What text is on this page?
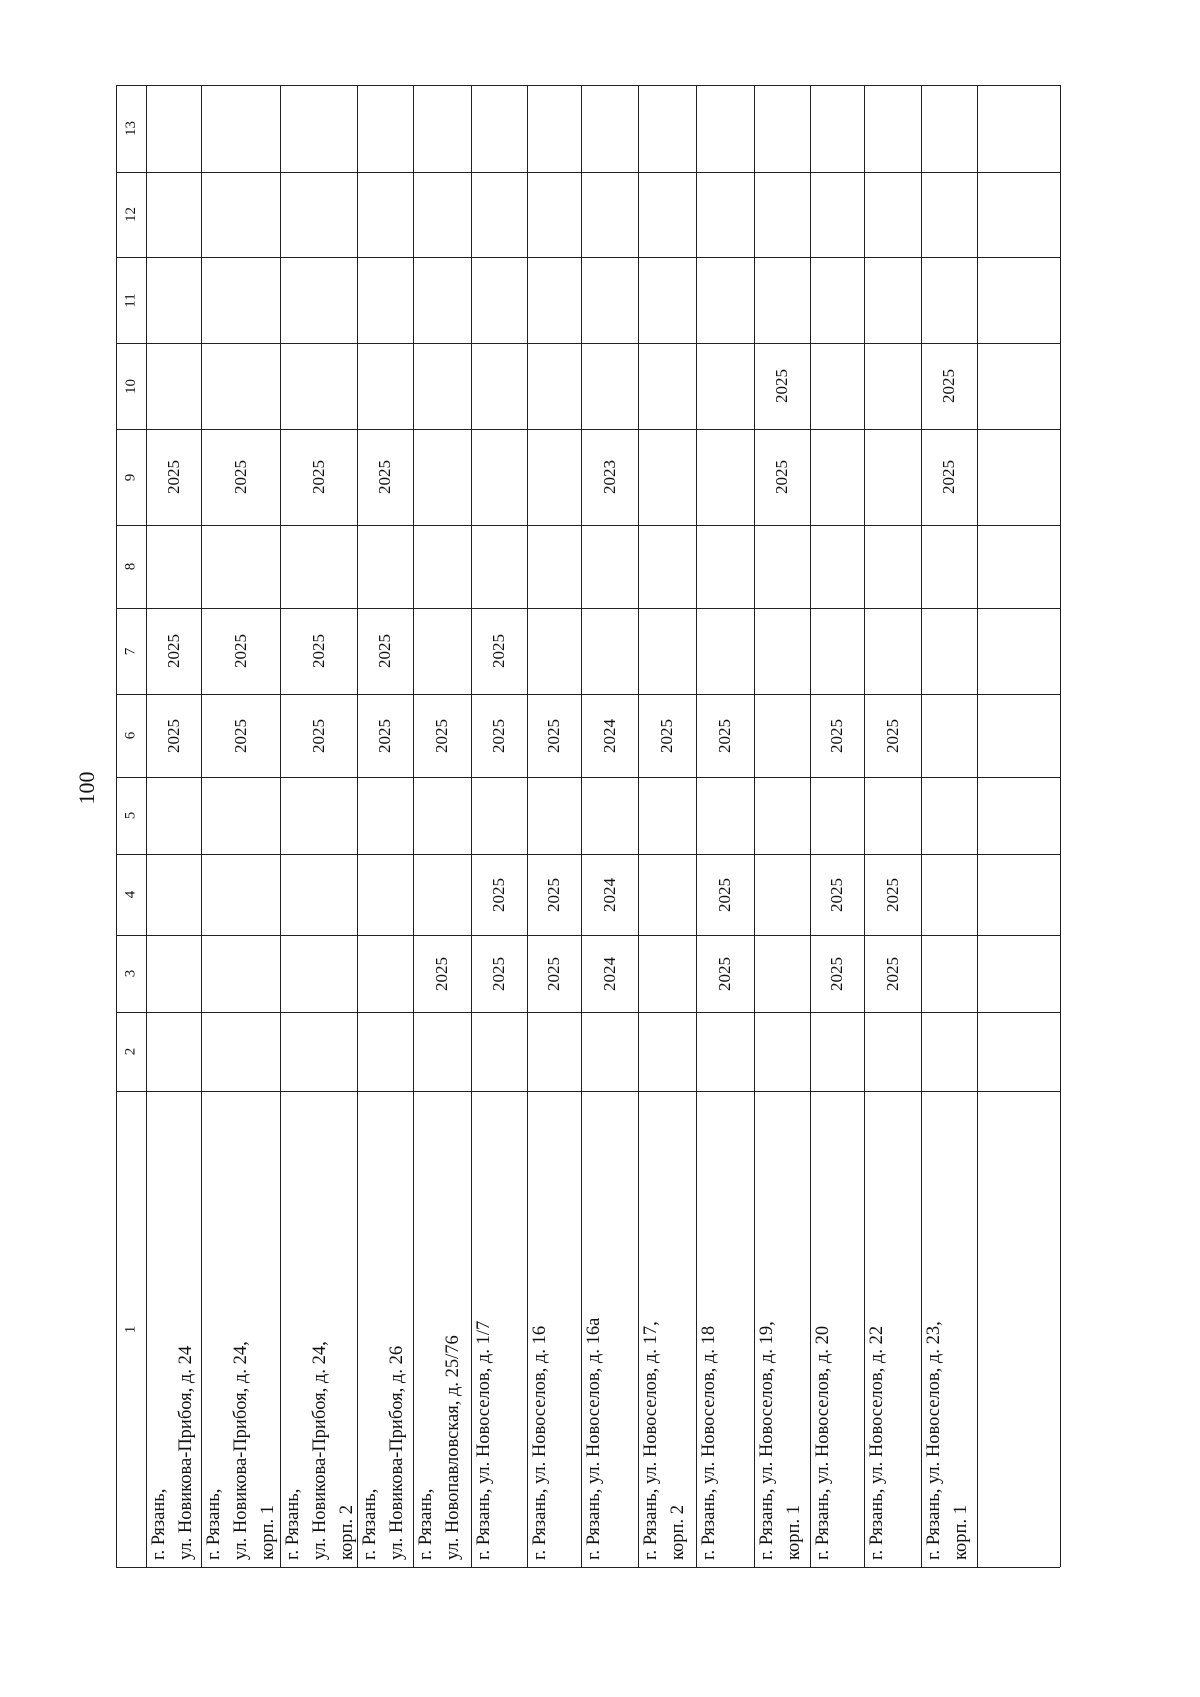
100
1
2
3
4
5
6
7
8
9
10
11
12
13
г. Рязань,
ул. Новикова-Прибоя, д. 24
2025
2025
2025
г. Рязань,
ул. Новикова-Прибоя, д. 24,
корп. 1
2025
2025
2025
г. Рязань,
ул. Новикова-Прибоя, д. 24,
корп. 2
2025
2025
2025
г. Рязань,
ул. Новикова-Прибоя, д. 26
2025
2025
2025
г. Рязань,
ул. Новопавловская, д. 25/76
2025
2025
г. Рязань, ул. Новоселов, д. 1/7
2025
2025
2025
2025
г. Рязань, ул. Новоселов, д. 16
2025
2025
2025
г. Рязань, ул. Новоселов, д. 16а
2024
2024
2024
2023
г. Рязань, ул. Новоселов, д. 17,
корп. 2
2025
г. Рязань, ул. Новоселов, д. 18
2025
2025
2025
г. Рязань, ул. Новоселов, д. 19,
корп. 1
2025
2025
г. Рязань, ул. Новоселов, д. 20
2025
2025
2025
г. Рязань, ул. Новоселов, д. 22
2025
2025
2025
г. Рязань, ул. Новоселов, д. 23,
корп. 1
2025
2025
